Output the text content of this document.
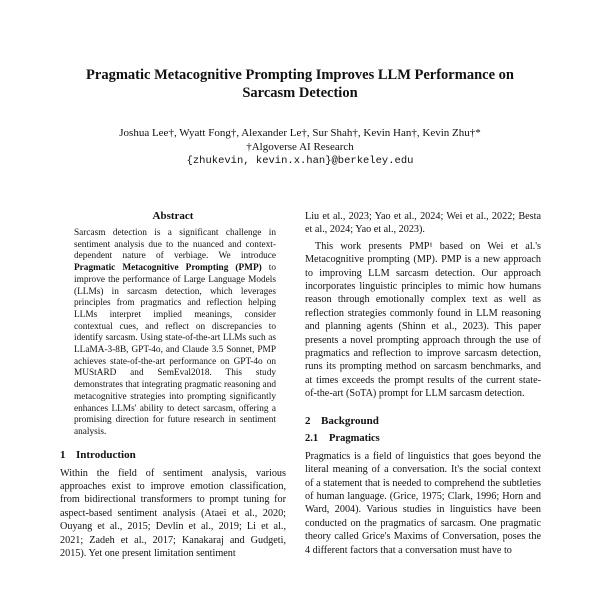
Pragmatic Metacognitive Prompting Improves LLM Performance on Sarcasm Detection
Joshua Lee†, Wyatt Fong†, Alexander Le†, Sur Shah†, Kevin Han†, Kevin Zhu†*
†Algoverse AI Research
{zhukevin, kevin.x.han}@berkeley.edu
Abstract

Sarcasm detection is a significant challenge in sentiment analysis due to the nuanced and context-dependent nature of verbiage. We introduce Pragmatic Metacognitive Prompting (PMP) to improve the performance of Large Language Models (LLMs) in sarcasm detection, which leverages principles from pragmatics and reflection helping LLMs interpret implied meanings, consider contextual cues, and reflect on discrepancies to identify sarcasm. Using state-of-the-art LLMs such as LLaMA-3-8B, GPT-4o, and Claude 3.5 Sonnet, PMP achieves state-of-the-art performance on GPT-4o on MUStARD and SemEval2018. This study demonstrates that integrating pragmatic reasoning and metacognitive strategies into prompting significantly enhances LLMs' ability to detect sarcasm, offering a promising direction for future research in sentiment analysis.

1 Introduction

Within the field of sentiment analysis, various approaches exist to improve emotion classification, from bidirectional transformers to prompt tuning for aspect-based sentiment analysis (Ataei et al., 2020; Ouyang et al., 2015; Devlin et al., 2019; Li et al., 2021; Zadeh et al., 2017; Kanakaraj and Gudgeti, 2015). Yet one present limitation sentiment

Liu et al., 2023; Yao et al., 2024; Wei et al., 2022; Besta et al., 2024; Yao et al., 2023).

This work presents PMP¹ based on Wei et al.'s Metacognitive prompting (MP). PMP is a new approach to improving LLM sarcasm detection. Our approach incorporates linguistic principles to mimic how humans reason through emotionally complex text as well as reflection strategies commonly found in LLM reasoning and planning agents (Shinn et al., 2023). This paper presents a novel prompting approach through the use of pragmatics and reflection to improve sarcasm detection, runs its prompting method on sarcasm benchmarks, and at times exceeds the prompt results of the current state-of-the-art (SoTA) prompt for LLM sarcasm detection.

2 Background
2.1 Pragmatics

Pragmatics is a field of linguistics that goes beyond the literal meaning of a conversation. It's the social context of a statement that is needed to comprehend the subtleties of human language. (Grice, 1975; Clark, 1996; Horn and Ward, 2004). Various studies in linguistics have been conducted on the pragmatics of sarcasm. One pragmatic theory called Grice's Maxims of Conversation, poses the 4 different factors that a conversation must have to
